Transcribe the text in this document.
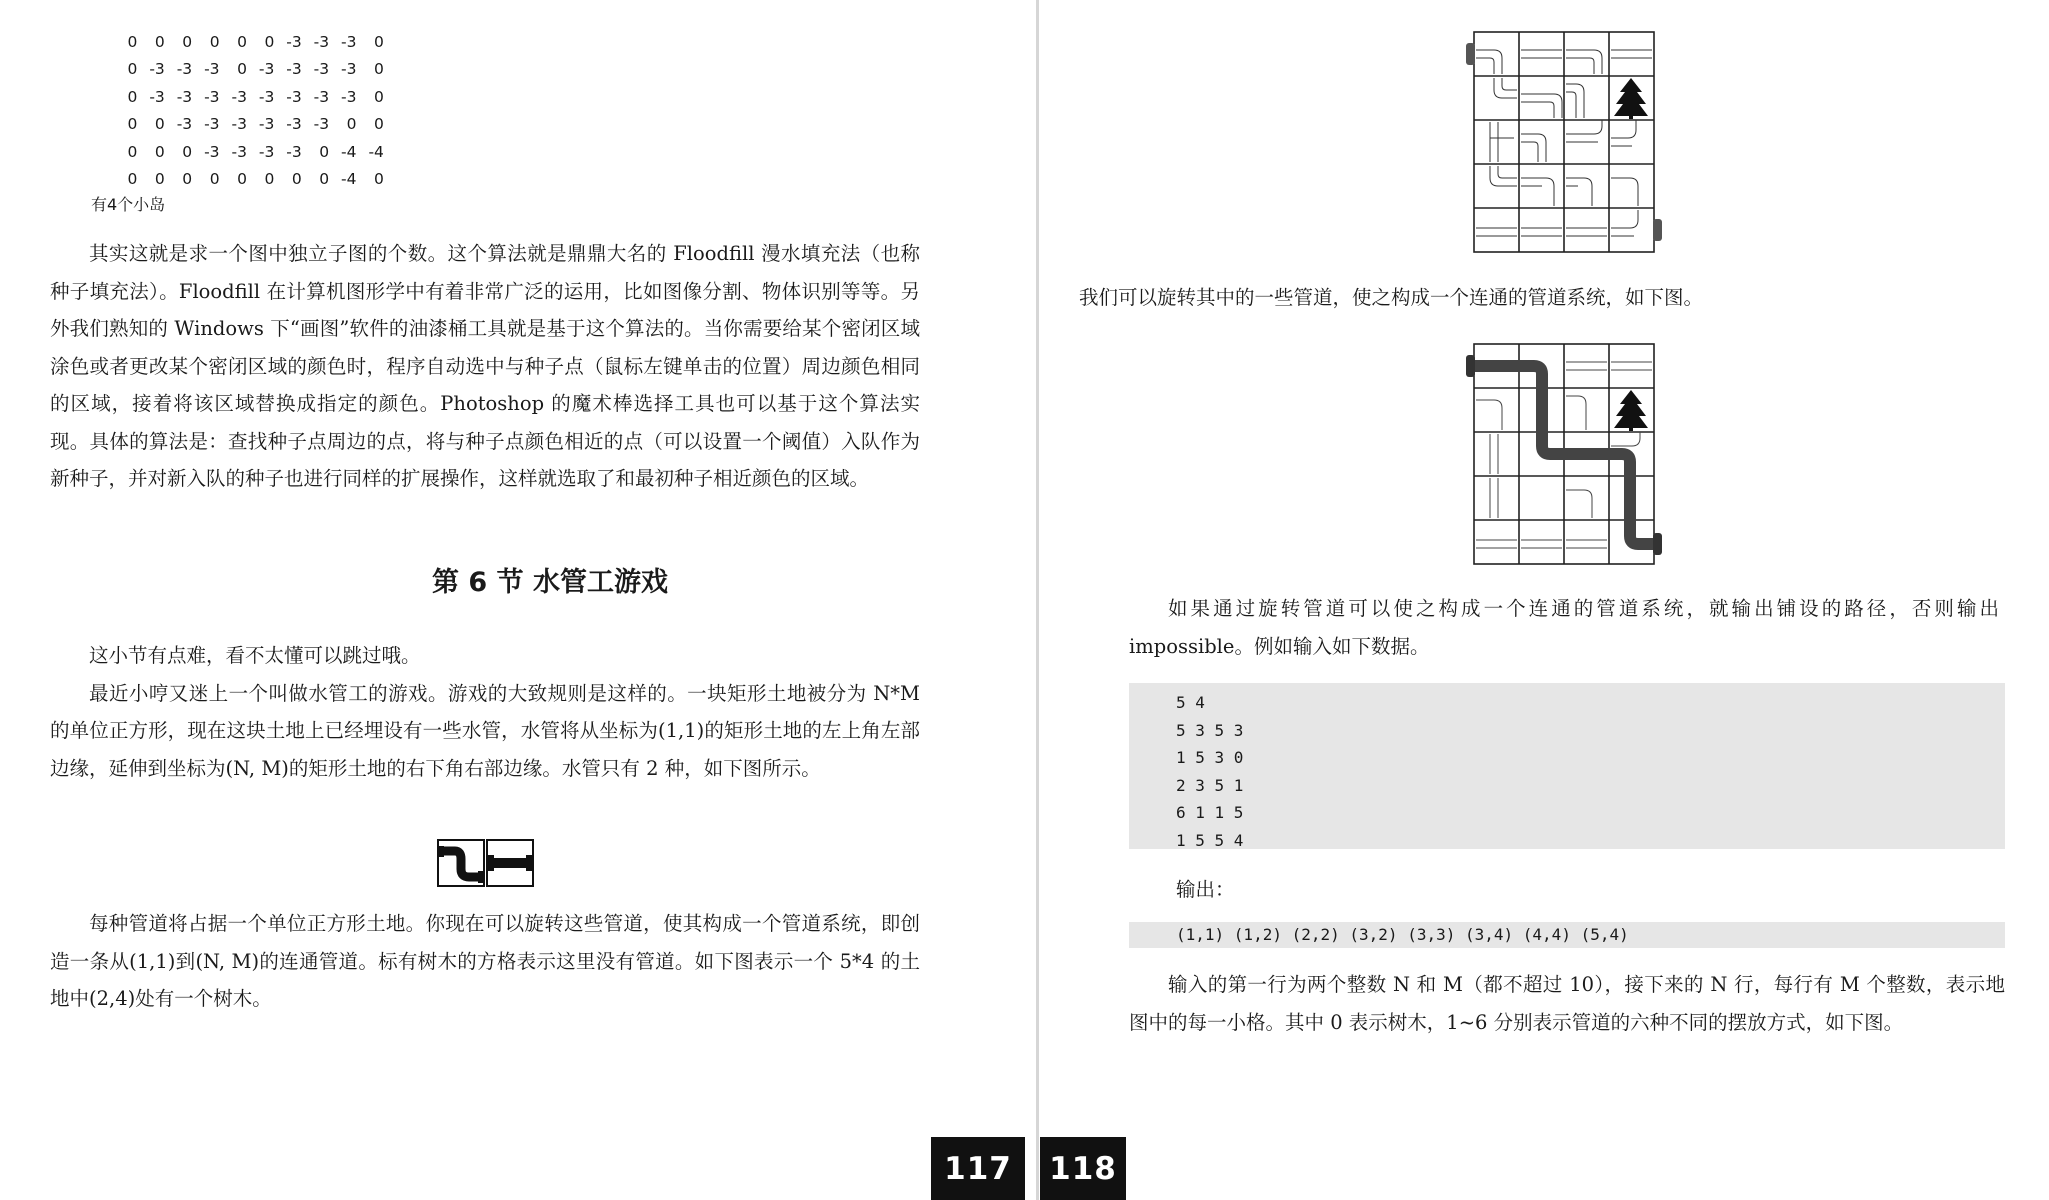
0	0	0	0	0	0 -3 -3 -3	0
0 -3 -3 -3	0 -3 -3 -3 -3	0
0 -3 -3 -3 -3 -3 -3 -3 -3	0
0	0 -3 -3 -3 -3 -3 -3	0	0
0	0	0 -3 -3 -3 -3	0 -4 -4
0	0	0	0	0	0	0	0 -4	0
有4个小岛

其实这就是求一个图中独立子图的个数。这个算法就是鼎鼎大名的 Floodfill 漫水填充法（也称种子填充法）。Floodfill 在计算机图形学中有着非常广泛的运用，比如图像分割、物体识别等等。另外我们熟知的 Windows 下“画图”软件的油漆桶工具就是基于这个算法的。当你需要给某个密闭区域涂色或者更改某个密闭区域的颜色时，程序自动选中与种子点（鼠标左键单击的位置）周边颜色相同的区域，接着将该区域替换成指定的颜色。Photoshop 的魔术棒选择工具也可以基于这个算法实现。具体的算法是：查找种子点周边的点，将与种子点颜色相近的点（可以设置一个阈值）入队作为新种子，并对新入队的种子也进行同样的扩展操作，这样就选取了和最初种子相近颜色的区域。

第 6 节 水管工游戏

这小节有点难，看不太懂可以跳过哦。

最近小哼又迷上一个叫做水管工的游戏。游戏的大致规则是这样的。一块矩形土地被分为 N*M 的单位正方形，现在这块土地上已经埋设有一些水管，水管将从坐标为(1,1)的矩形土地的左上角左部边缘，延伸到坐标为(N, M)的矩形土地的右下角右部边缘。水管只有 2 种，如下图所示。

每种管道将占据一个单位正方形土地。你现在可以旋转这些管道，使其构成一个管道系统，即创造一条从(1,1)到(N, M)的连通管道。标有树木的方格表示这里没有管道。如下图表示一个 5*4 的土地中(2,4)处有一个树木。

117

我们可以旋转其中的一些管道，使之构成一个连通的管道系统，如下图。

如果通过旋转管道可以使之构成一个连通的管道系统，就输出铺设的路径，否则输出 impossible。例如输入如下数据。

5 4
5 3 5 3
1 5 3 0
2 3 5 1
6 1 1 5
1 5 5 4
输出：
(1,1) (1,2) (2,2) (3,2) (3,3) (3,4) (4,4) (5,4)

输入的第一行为两个整数 N 和 M（都不超过 10），接下来的 N 行，每行有 M 个整数，表示地图中的每一小格。其中 0 表示树木，1~6 分别表示管道的六种不同的摆放方式，如下图。

118
